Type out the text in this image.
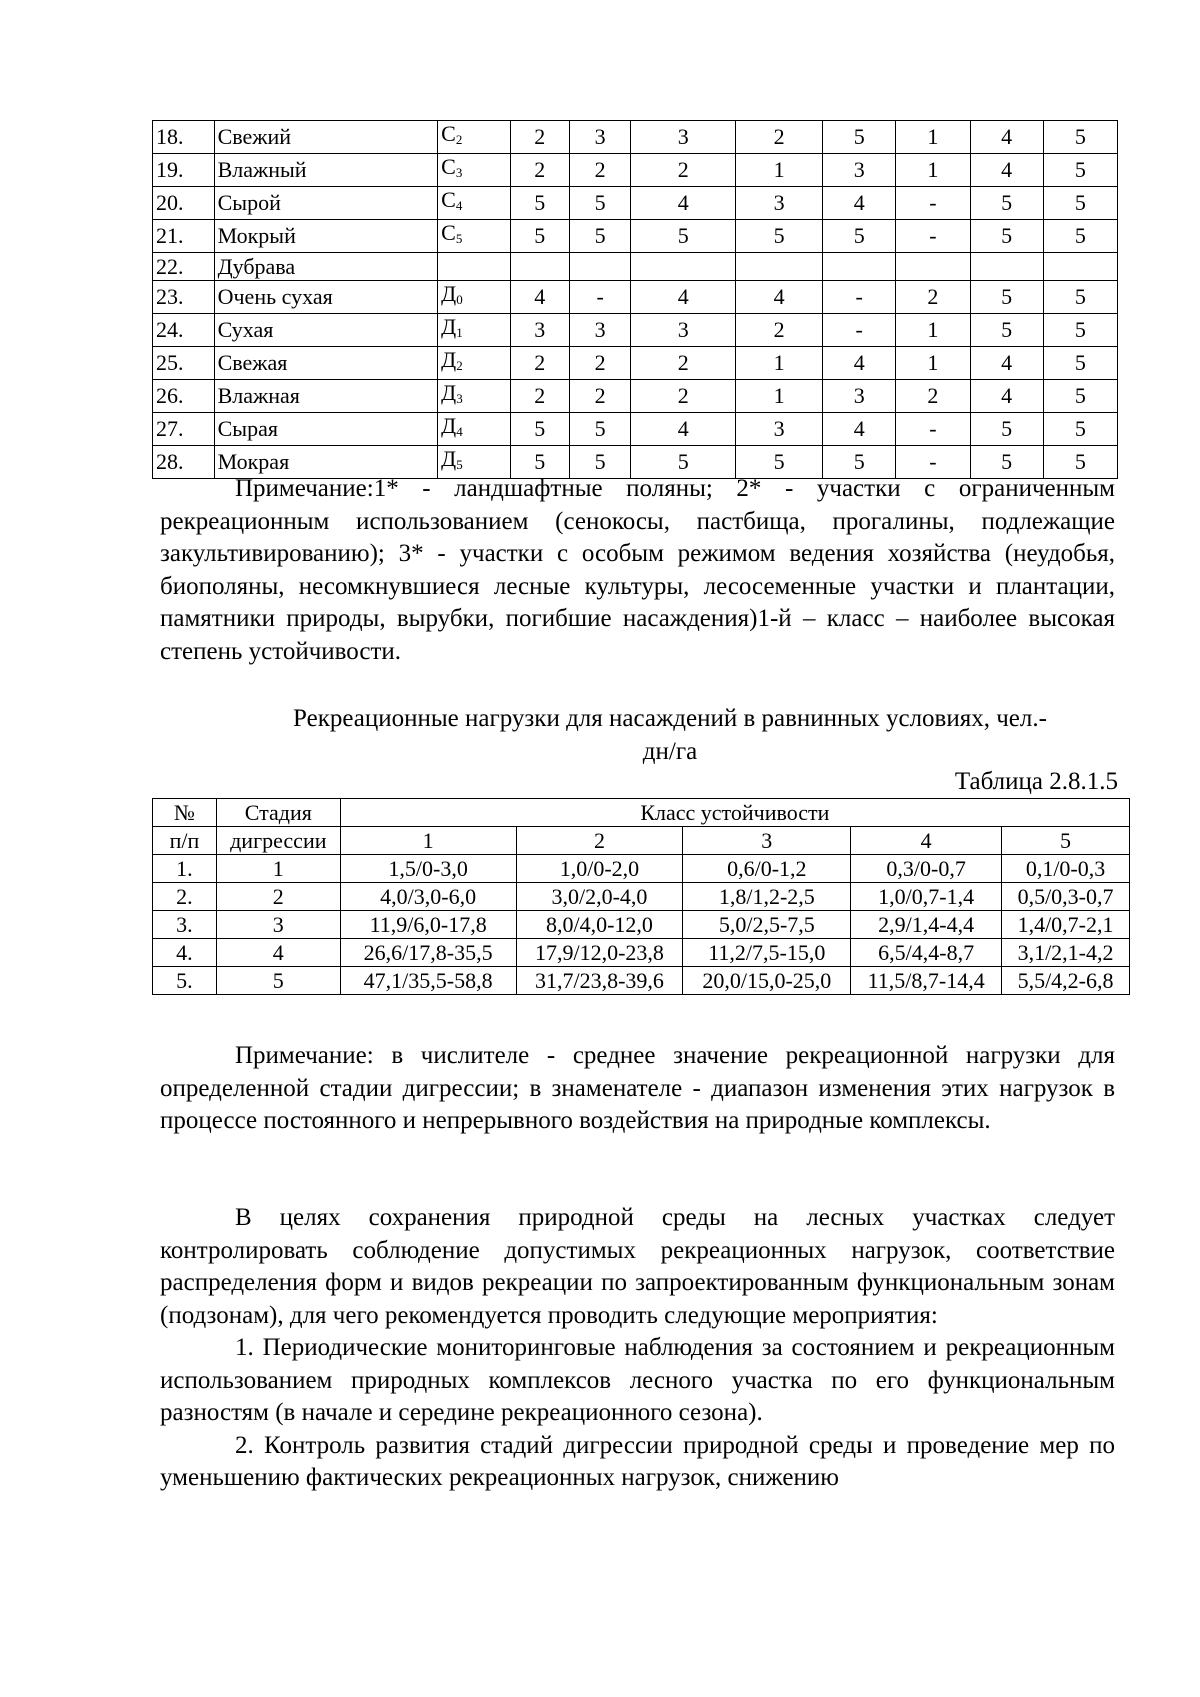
18.	Свежий	$С_2$	2	3	3	2	5	1	4	5
19.	Влажный	$С_3$	2	2	2	1	3	1	4	5
20.	Сырой	$С_4$	5	5	4	3	4	-	5	5
21.	Мокрый	$С_5$	5	5	5	5	5	-	5	5
22.	Дубрава									
23.	Очень сухая	$Д_0$	4	-	4	4	-	2	5	5
24.	Сухая	$Д_1$	3	3	3	2	-	1	5	5
25.	Свежая	$Д_2$	2	2	2	1	4	1	4	5
26.	Влажная	$Д_3$	2	2	2	1	3	2	4	5
27.	Сырая	$Д_4$	5	5	4	3	4	-	5	5
28.	Мокрая	$Д_5$	5	5	5	5	5	-	5	5

Примечание:1* - ландшафтные поляны; 2* - участки с ограниченным рекреационным использованием (сенокосы, пастбища, прогалины, подлежащие закультивированию); 3* - участки с особым режимом ведения хозяйства (неудобья, биополяны, несомкнувшиеся лесные культуры, лесосеменные участки и плантации, памятники природы, вырубки, погибшие насаждения)1-й – класс – наиболее высокая степень устойчивости.

Рекреационные нагрузки для насаждений в равнинных условиях, чел.-
дн/га
Таблица 2.8.1.5
№	Стадия	Класс устойчивости				
п/п	дигрессии	1	2	3	4	5
1.	1	1,5/0-3,0	1,0/0-2,0	0,6/0-1,2	0,3/0-0,7	0,1/0-0,3
2.	2	4,0/3,0-6,0	3,0/2,0-4,0	1,8/1,2-2,5	1,0/0,7-1,4	0,5/0,3-0,7
3.	3	11,9/6,0-17,8	8,0/4,0-12,0	5,0/2,5-7,5	2,9/1,4-4,4	1,4/0,7-2,1
4.	4	26,6/17,8-35,5	17,9/12,0-23,8	11,2/7,5-15,0	6,5/4,4-8,7	3,1/2,1-4,2
5.	5	47,1/35,5-58,8	31,7/23,8-39,6	20,0/15,0-25,0	11,5/8,7-14,4	5,5/4,2-6,8

Примечание: в числителе - среднее значение рекреационной нагрузки для определенной стадии дигрессии; в знаменателе - диапазон изменения этих нагрузок в процессе постоянного и непрерывного воздействия на природные комплексы.

В целях сохранения природной среды на лесных участках следует контролировать соблюдение допустимых рекреационных нагрузок, соответствие распределения форм и видов рекреации по запроектированным функциональным зонам (подзонам), для чего рекомендуется проводить следующие мероприятия:

1. Периодические мониторинговые наблюдения за состоянием и рекреационным использованием природных комплексов лесного участка по его функциональным разностям (в начале и середине рекреационного сезона).

2. Контроль развития стадий дигрессии природной среды и проведение мер по уменьшению фактических рекреационных нагрузок, снижению
